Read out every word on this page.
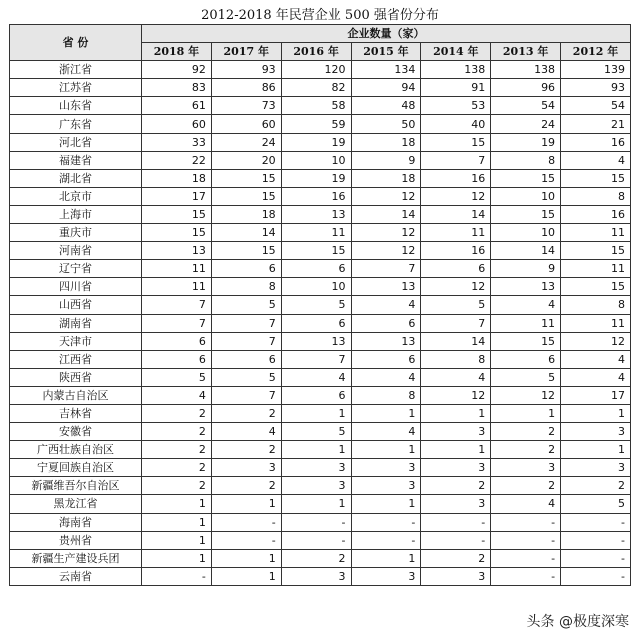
2012-2018 年民营企业 500 强省份分布
省 份	企业数量（家）						
	2018 年	2017 年	2016 年	2015 年	2014 年	2013 年	2012 年
浙江省	92	93	120	134	138	138	139
江苏省	83	86	82	94	91	96	93
山东省	61	73	58	48	53	54	54
广东省	60	60	59	50	40	24	21
河北省	33	24	19	18	15	19	16
福建省	22	20	10	9	7	8	4
湖北省	18	15	19	18	16	15	15
北京市	17	15	16	12	12	10	8
上海市	15	18	13	14	14	15	16
重庆市	15	14	11	12	11	10	11
河南省	13	15	15	12	16	14	15
辽宁省	11	6	6	7	6	9	11
四川省	11	8	10	13	12	13	15
山西省	7	5	5	4	5	4	8
湖南省	7	7	6	6	7	11	11
天津市	6	7	13	13	14	15	12
江西省	6	6	7	6	8	6	4
陕西省	5	5	4	4	4	5	4
内蒙古自治区	4	7	6	8	12	12	17
吉林省	2	2	1	1	1	1	1
安徽省	2	4	5	4	3	2	3
广西壮族自治区	2	2	1	1	1	2	1
宁夏回族自治区	2	3	3	3	3	3	3
新疆维吾尔自治区	2	2	3	3	2	2	2
黑龙江省	1	1	1	1	3	4	5
海南省	1	-	-	-	-	-	-
贵州省	1	-	-	-	-	-	-
新疆生产建设兵团	1	1	2	1	2	-	-
云南省	-	1	3	3	3	-	-
头条 @极度深寒
